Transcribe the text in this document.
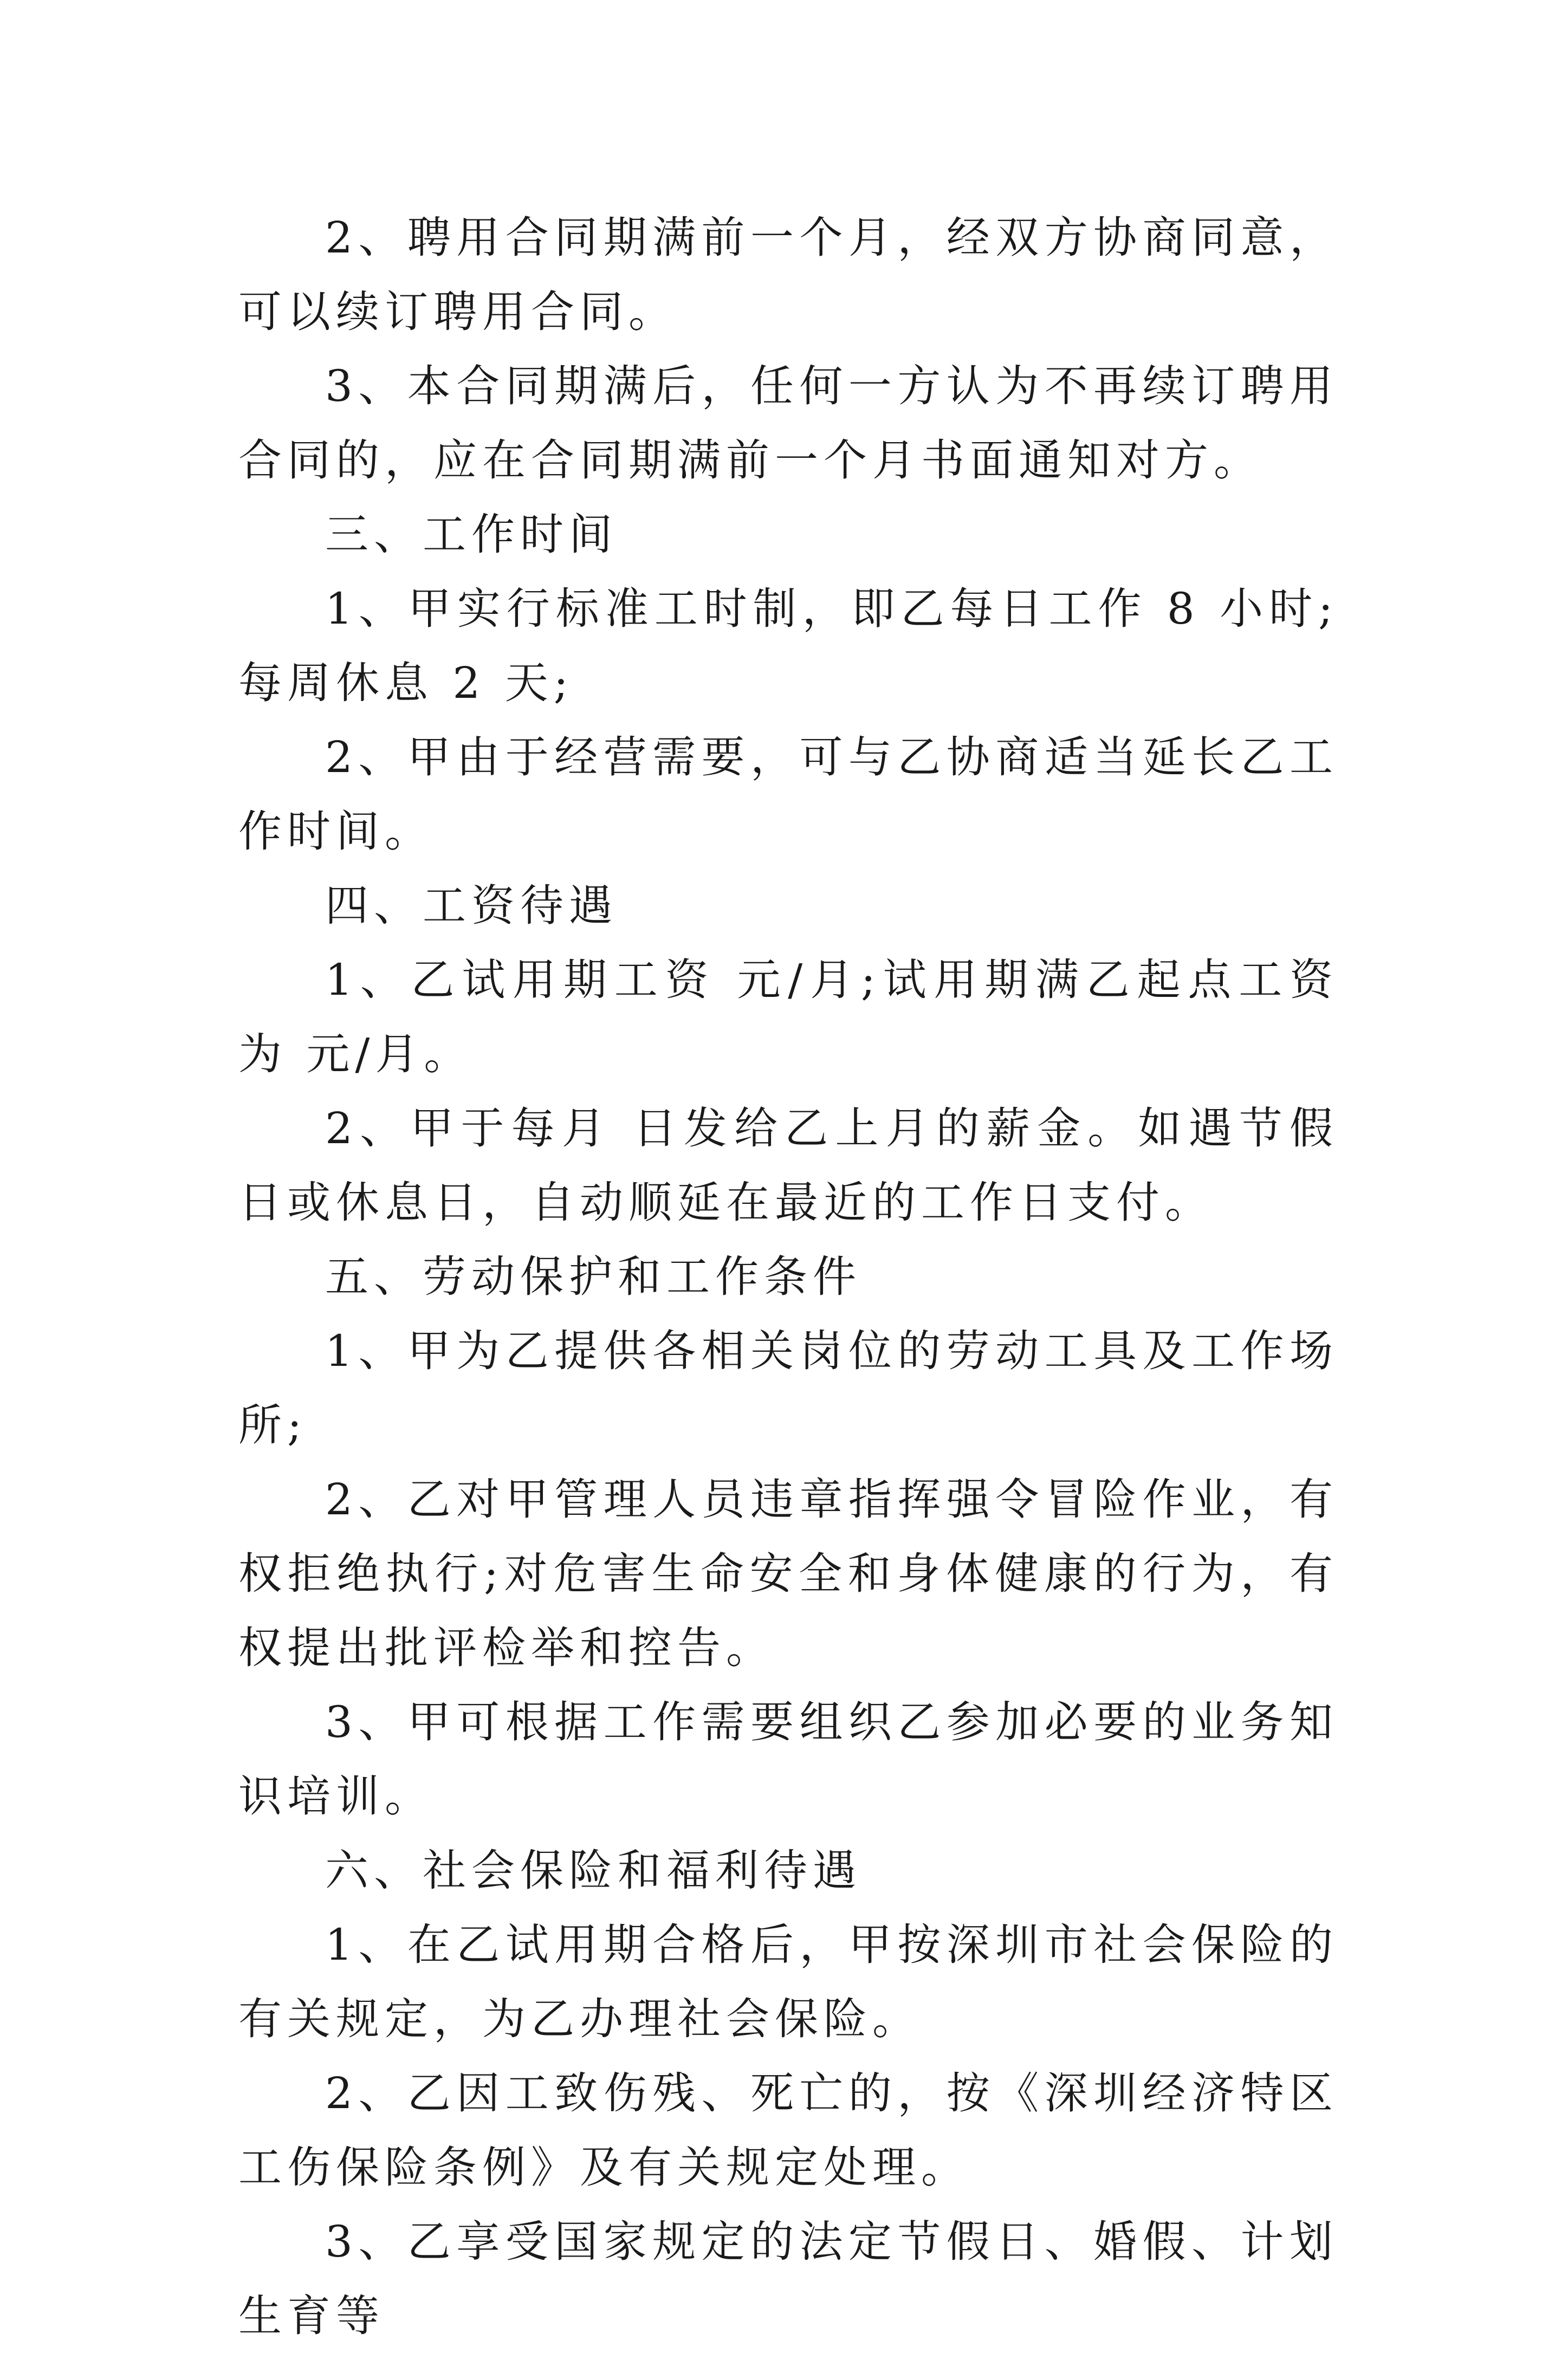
2、聘用合同期满前一个月，经双方协商同意，可以续订聘用合同。

3、本合同期满后，任何一方认为不再续订聘用合同的，应在合同期满前一个月书面通知对方。

三、工作时间

1、甲实行标准工时制，即乙每日工作 8 小时;每周休息 2 天;

2、甲由于经营需要，可与乙协商适当延长乙工作时间。

四、工资待遇

1、乙试用期工资 元/月;试用期满乙起点工资为 元/月。

2、甲于每月 日发给乙上月的薪金。如遇节假日或休息日，自动顺延在最近的工作日支付。

五、劳动保护和工作条件

1、甲为乙提供各相关岗位的劳动工具及工作场所;

2、乙对甲管理人员违章指挥强令冒险作业，有权拒绝执行;对危害生命安全和身体健康的行为，有权提出批评检举和控告。

3、甲可根据工作需要组织乙参加必要的业务知识培训。

六、社会保险和福利待遇

1、在乙试用期合格后，甲按深圳市社会保险的有关规定，为乙办理社会保险。

2、乙因工致伤残、死亡的，按《深圳经济特区工伤保险条例》及有关规定处理。

3、乙享受国家规定的法定节假日、婚假、计划生育等
